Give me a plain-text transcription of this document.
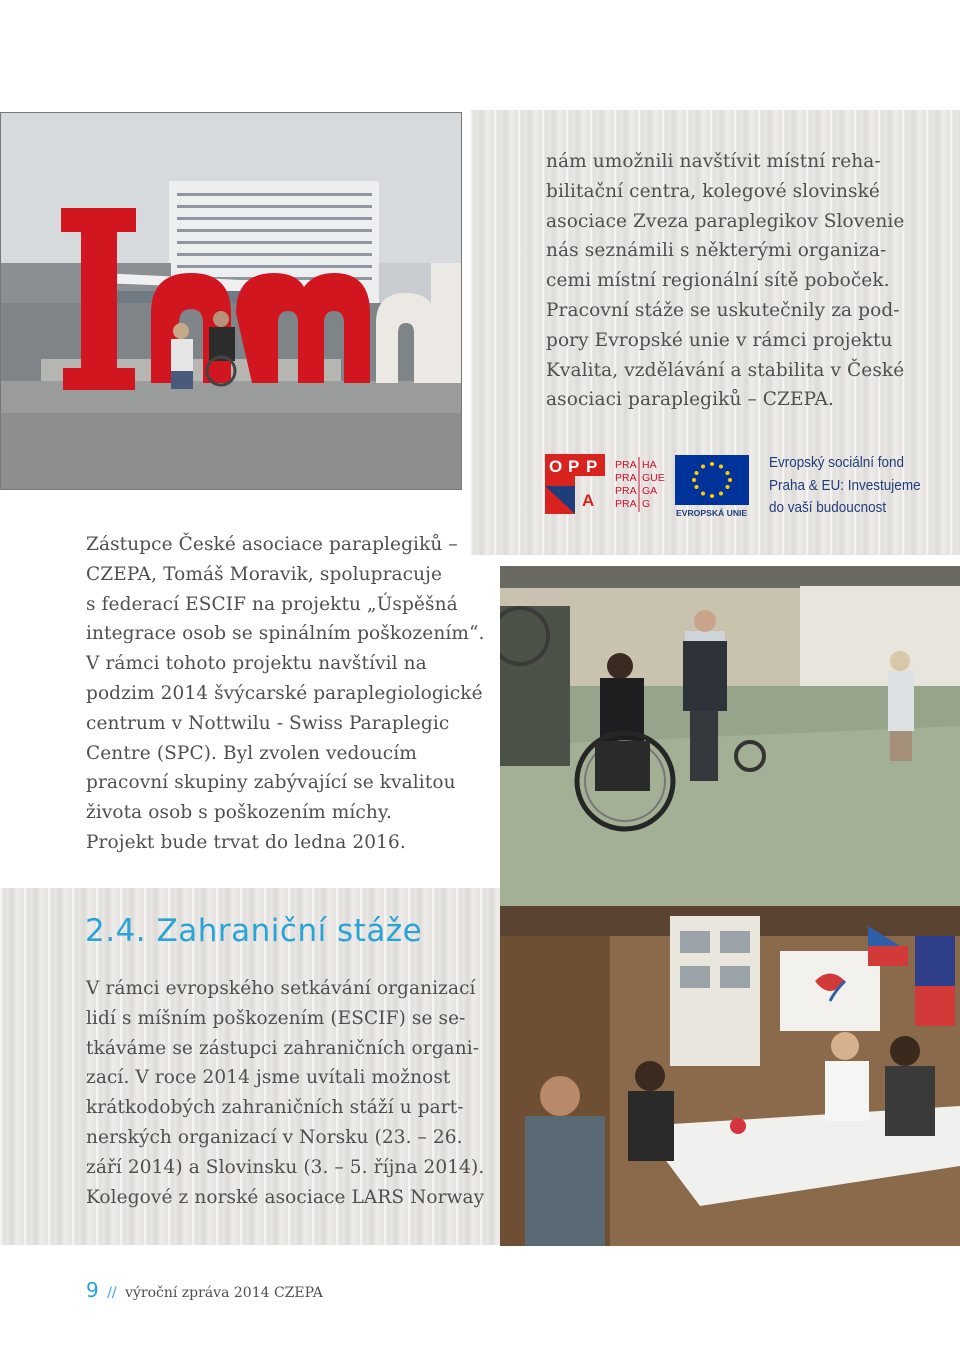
nám umožnili navštívit místní reha-
bilitační centra, kolegové slovinské
asociace Zveza paraplegikov Slovenie
nás seznámili s některými organiza-
cemi místní regionální sítě poboček.
Pracovní stáže se uskutečnily za pod-
pory Evropské unie v rámci projektu
Kvalita, vzdělávání a stabilita v České
asociaci paraplegiků – CZEPA.
O P P
A
PRA HA
PRA GUE
PRA GA
PRA G
EVROPSKÁ UNIE
Evropský sociální fond
Praha & EU: Investujeme
do vaší budoucnost
Zástupce České asociace paraplegiků –
CZEPA, Tomáš Moravik, spolupracuje
s federací ESCIF na projektu „Úspěšná
integrace osob se spinálním poškozením“.
V rámci tohoto projektu navštívil na
podzim 2014 švýcarské paraplegiologické
centrum v Nottwilu - Swiss Paraplegic
Centre (SPC). Byl zvolen vedoucím
pracovní skupiny zabývající se kvalitou
života osob s poškozením míchy.
Projekt bude trvat do ledna 2016.
2.4. Zahraniční stáže
V rámci evropského setkávání organizací
lidí s míšním poškozením (ESCIF) se se-
tkáváme se zástupci zahraničních organi-
zací. V roce 2014 jsme uvítali možnost
krátkodobých zahraničních stáží u part-
nerských organizací v Norsku (23. – 26.
září 2014) a Slovinsku (3. – 5. října 2014).
Kolegové z norské asociace LARS Norway
9 // výroční zpráva 2014 CZEPA
